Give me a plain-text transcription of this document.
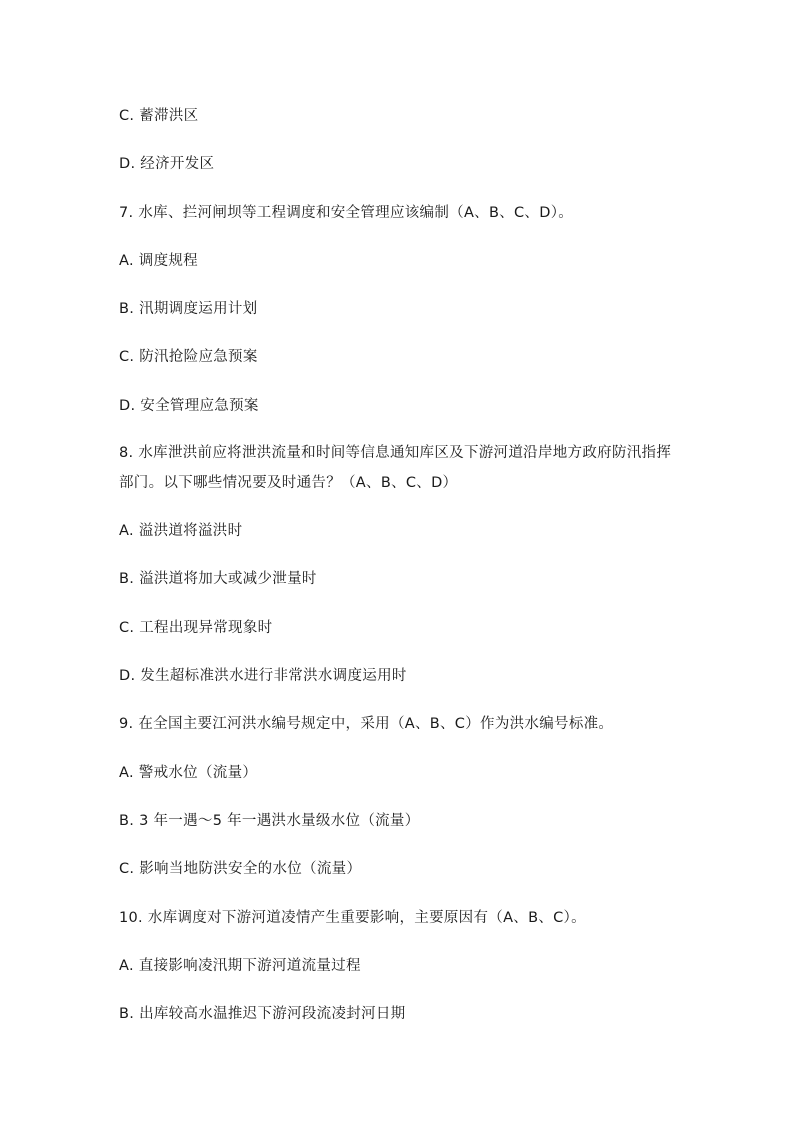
C. 蓄滞洪区
D. 经济开发区
7. 水库、拦河闸坝等工程调度和安全管理应该编制（A、B、C、D）。
A. 调度规程
B. 汛期调度运用计划
C. 防汛抢险应急预案
D. 安全管理应急预案
8. 水库泄洪前应将泄洪流量和时间等信息通知库区及下游河道沿岸地方政府防汛指挥部门。以下哪些情况要及时通告？（A、B、C、D）
A. 溢洪道将溢洪时
B. 溢洪道将加大或减少泄量时
C. 工程出现异常现象时
D. 发生超标准洪水进行非常洪水调度运用时
9. 在全国主要江河洪水编号规定中，采用（A、B、C）作为洪水编号标准。
A. 警戒水位（流量）
B. 3 年一遇～5 年一遇洪水量级水位（流量）
C. 影响当地防洪安全的水位（流量）
10. 水库调度对下游河道凌情产生重要影响，主要原因有（A、B、C）。
A. 直接影响凌汛期下游河道流量过程
B. 出库较高水温推迟下游河段流凌封河日期
